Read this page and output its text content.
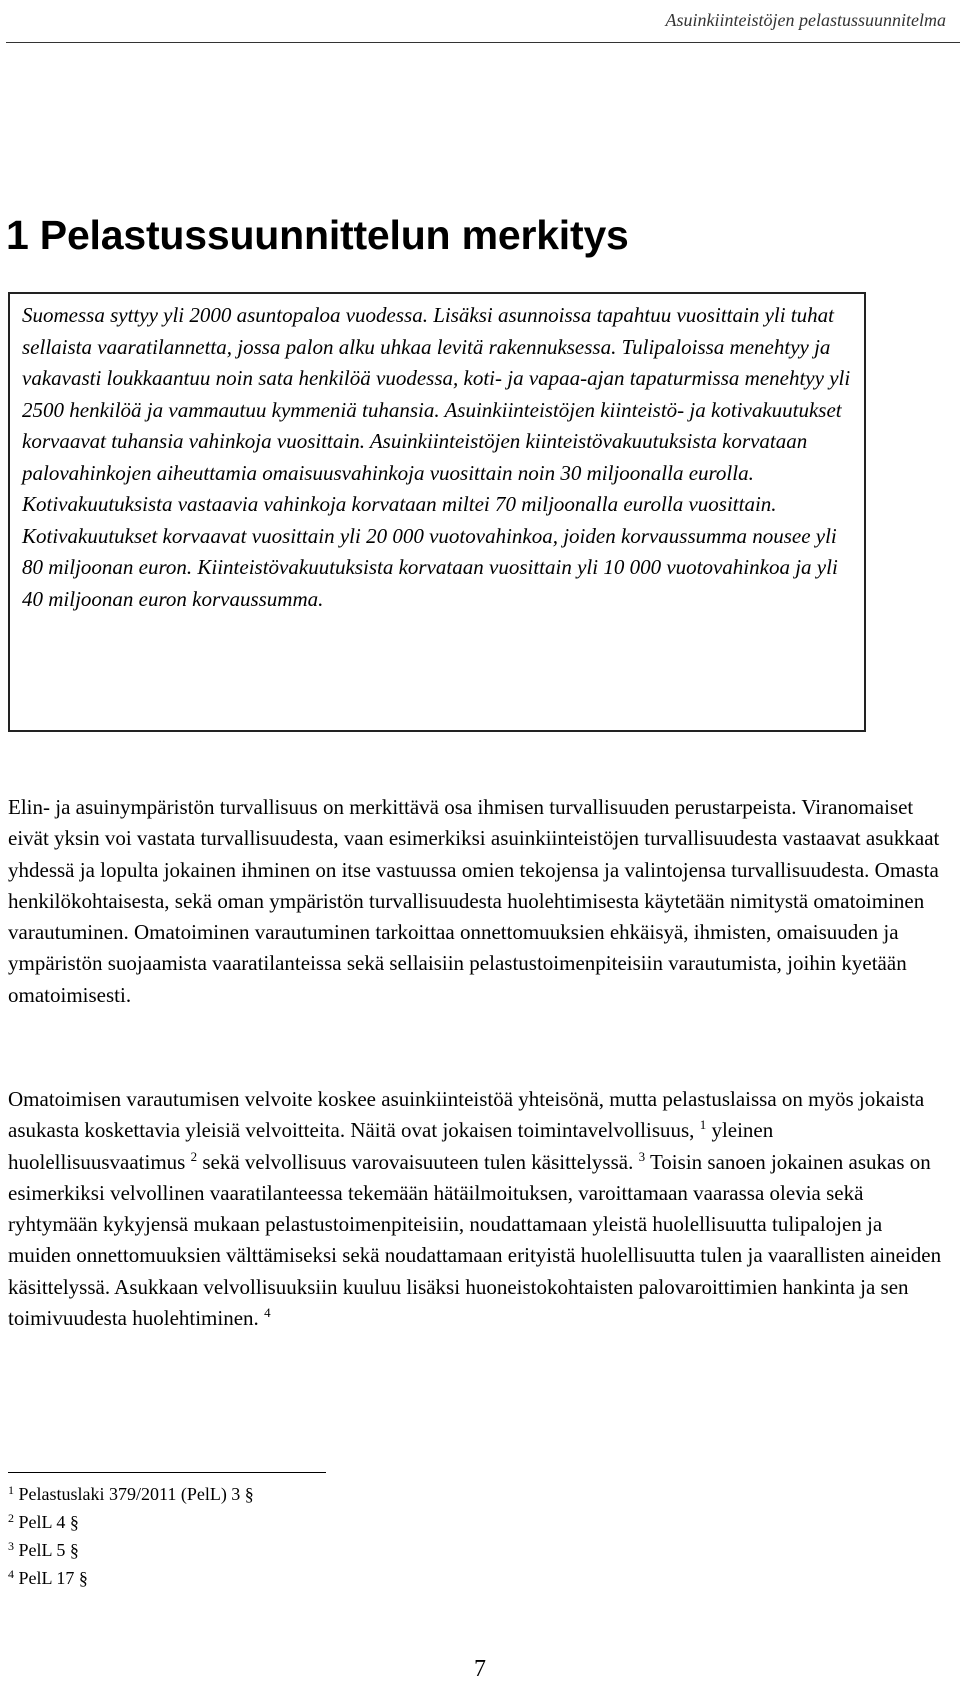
Asuinkiinteistöjen pelastussuunnitelma
1 Pelastussuunnittelun merkitys

Suomessa syttyy yli 2000 asuntopaloa vuodessa. Lisäksi asunnoissa tapahtuu vuosittain yli tuhat sellaista vaaratilannetta, jossa palon alku uhkaa levitä rakennuksessa. Tulipaloissa menehtyy ja vakavasti loukkaantuu noin sata henkilöä vuodessa, koti- ja vapaa-ajan tapaturmissa menehtyy yli 2500 henkilöä ja vammautuu kymmeniä tuhansia. Asuinkiinteistöjen kiinteistö- ja kotivakuutukset korvaavat tuhansia vahinkoja vuosittain. Asuinkiinteistöjen kiinteistövakuutuksista korvataan palovahinkojen aiheuttamia omaisuusvahinkoja vuosittain noin 30 miljoonalla eurolla. Kotivakuutuksista vastaavia vahinkoja korvataan miltei 70 miljoonalla eurolla vuosittain. Kotivakuutukset korvaavat vuosittain yli 20 000 vuotovahinkoa, joiden korvaussumma nousee yli 80 miljoonan euron. Kiinteistövakuutuksista korvataan vuosittain yli 10 000 vuotovahinkoa ja yli 40 miljoonan euron korvaussumma.

Elin- ja asuinympäristön turvallisuus on merkittävä osa ihmisen turvallisuuden perustarpeista. Viranomaiset eivät yksin voi vastata turvallisuudesta, vaan esimerkiksi asuinkiinteistöjen turvallisuudesta vastaavat asukkaat yhdessä ja lopulta jokainen ihminen on itse vastuussa omien tekojensa ja valintojensa turvallisuudesta. Omasta henkilökohtaisesta, sekä oman ympäristön turvallisuudesta huolehtimisesta käytetään nimitystä omatoiminen varautuminen. Omatoiminen varautuminen tarkoittaa onnettomuuksien ehkäisyä, ihmisten, omaisuuden ja ympäristön suojaamista vaaratilanteissa sekä sellaisiin pelastustoimenpiteisiin varautumista, joihin kyetään omatoimisesti.

Omatoimisen varautumisen velvoite koskee asuinkiinteistöä yhteisönä, mutta pelastuslaissa on myös jokaista asukasta koskettavia yleisiä velvoitteita. Näitä ovat jokaisen toimintavelvollisuus, $^1$ yleinen huolellisuusvaatimus $^2$ sekä velvollisuus varovaisuuteen tulen käsittelyssä. $^3$ Toisin sanoen jokainen asukas on esimerkiksi velvollinen vaaratilanteessa tekemään hätäilmoituksen, varoittamaan vaarassa olevia sekä ryhtymään kykyjensä mukaan pelastustoimenpiteisiin, noudattamaan yleistä huolellisuutta tulipalojen ja muiden onnettomuuksien välttämiseksi sekä noudattamaan erityistä huolellisuutta tulen ja vaarallisten aineiden käsittelyssä. Asukkaan velvollisuuksiin kuuluu lisäksi huoneistokohtaisten palovaroittimien hankinta ja sen toimivuudesta huolehtiminen. $^4$

$^1$ Pelastuslaki 379/2011 (PelL) 3 §
$^2$ PelL 4 §
$^3$ PelL 5 §
$^4$ PelL 17 §
7
